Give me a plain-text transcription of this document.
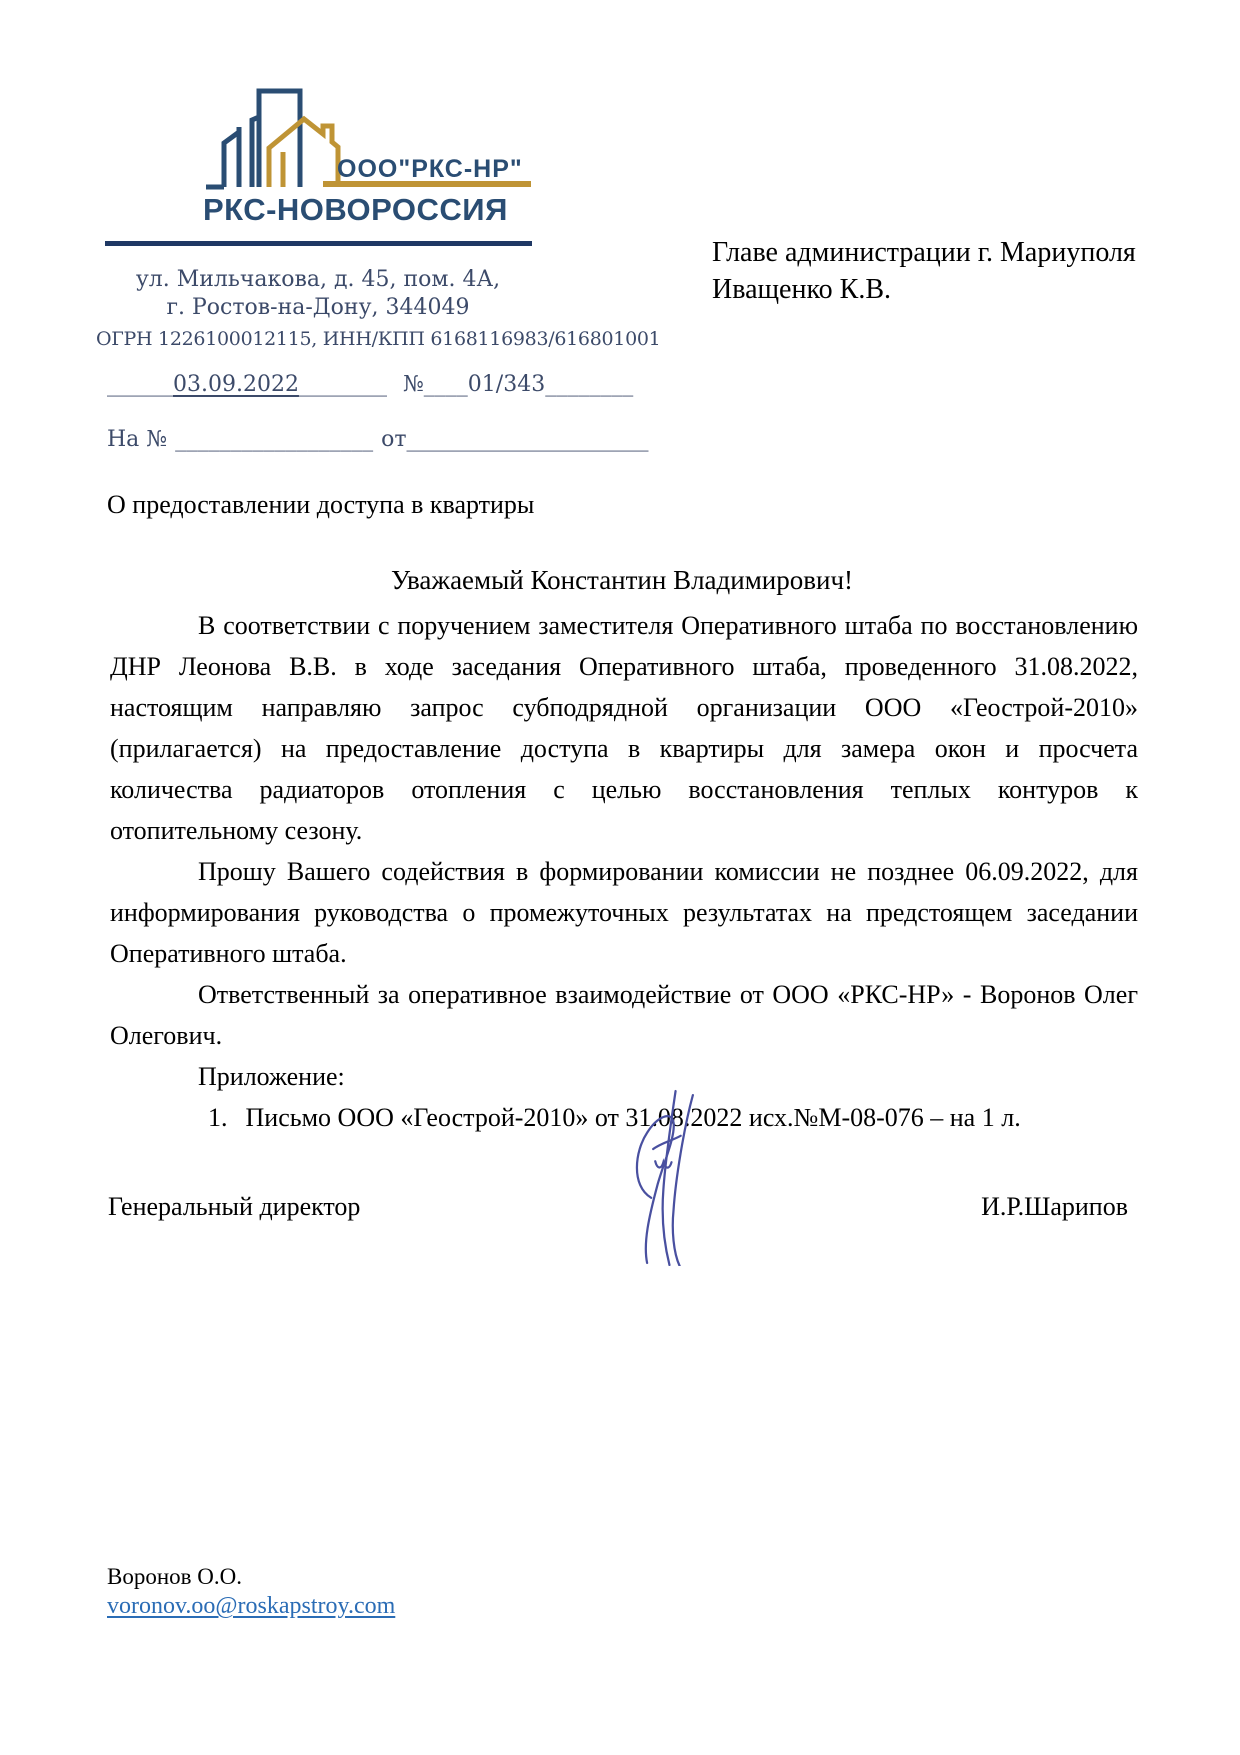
ООО"РКС-НР"
РКС-НОВОРОССИЯ
Главе администрации г. Мариуполя
Иващенко К.В.
ул. Мильчакова, д. 45, пом. 4А,
г. Ростов-на-Дону, 344049
ОГРН 1226100012115, ИНН/КПП 6168116983/616801001
______03.09.2022________ №____01/343________
На № __________________ от______________________
О предоставлении доступа в квартиры
Уважаемый Константин Владимирович!

В соответствии с поручением заместителя Оперативного штаба по восстановлению ДНР Леонова В.В. в ходе заседания Оперативного штаба, проведенного 31.08.2022, настоящим направляю запрос субподрядной организации ООО «Геострой-2010» (прилагается) на предоставление доступа в квартиры для замера окон и просчета количества радиаторов отопления с целью восстановления теплых контуров к отопительному сезону.

Прошу Вашего содействия в формировании комиссии не позднее 06.09.2022, для информирования руководства о промежуточных результатах на предстоящем заседании Оперативного штаба.

Ответственный за оперативное взаимодействие от ООО «РКС-НР» - Воронов Олег Олегович.

Приложение:
1. Письмо ООО «Геострой-2010» от 31.08.2022 исх.№М-08-076 – на 1 л.
Генеральный директор	И.Р.Шарипов
Воронов О.О.
voronov.oo@roskapstroy.com
